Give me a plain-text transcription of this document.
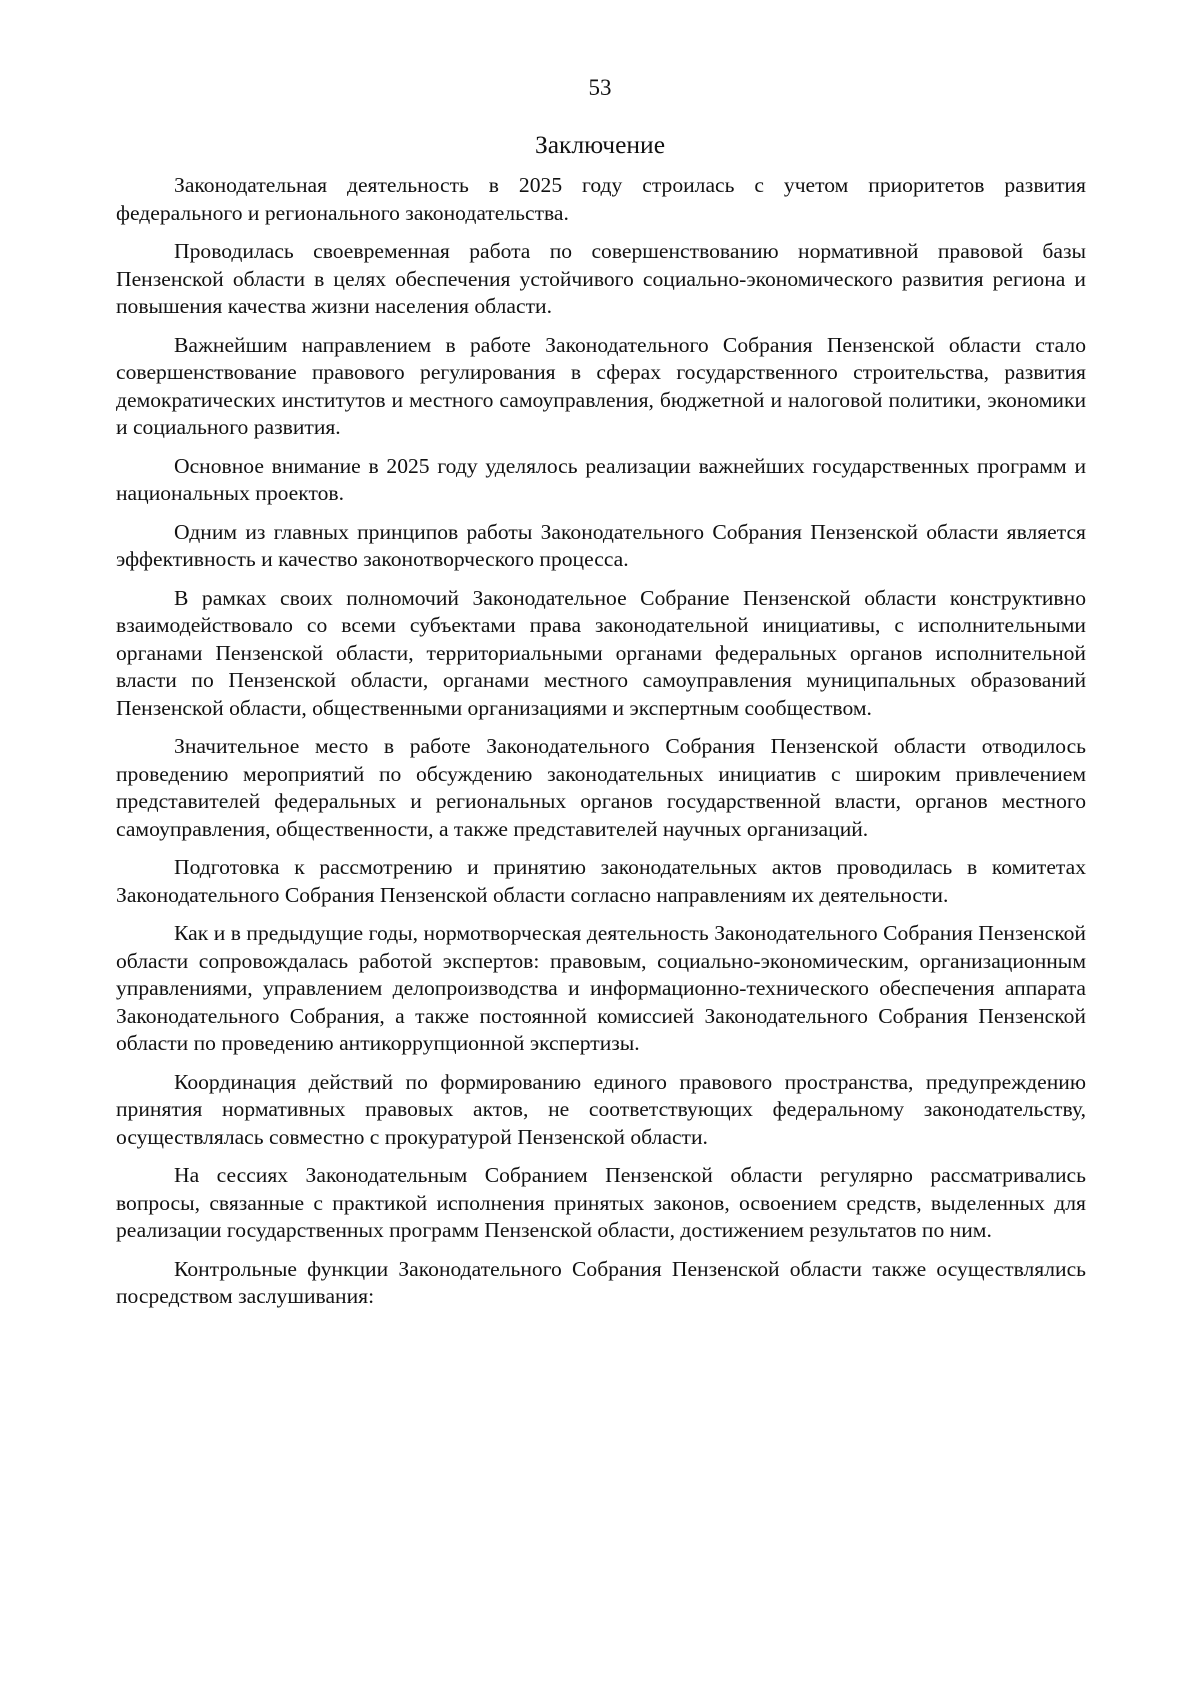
53
Заключение

Законодательная деятельность в 2025 году строилась с учетом приоритетов развития федерального и регионального законодательства.

Проводилась своевременная работа по совершенствованию нормативной правовой базы Пензенской области в целях обеспечения устойчивого социально-экономического развития региона и повышения качества жизни населения области.

Важнейшим направлением в работе Законодательного Собрания Пензенской области стало совершенствование правового регулирования в сферах государственного строительства, развития демократических институтов и местного самоуправления, бюджетной и налоговой политики, экономики и социального развития.

Основное внимание в 2025 году уделялось реализации важнейших государственных программ и национальных проектов.

Одним из главных принципов работы Законодательного Собрания Пензенской области является эффективность и качество законотворческого процесса.

В рамках своих полномочий Законодательное Собрание Пензенской области конструктивно взаимодействовало со всеми субъектами права законодательной инициативы, с исполнительными органами Пензенской области, территориальными органами федеральных органов исполнительной власти по Пензенской области, органами местного самоуправления муниципальных образований Пензенской области, общественными организациями и экспертным сообществом.

Значительное место в работе Законодательного Собрания Пензенской области отводилось проведению мероприятий по обсуждению законодательных инициатив с широким привлечением представителей федеральных и региональных органов государственной власти, органов местного самоуправления, общественности, а также представителей научных организаций.

Подготовка к рассмотрению и принятию законодательных актов проводилась в комитетах Законодательного Собрания Пензенской области согласно направлениям их деятельности.

Как и в предыдущие годы, нормотворческая деятельность Законодательного Собрания Пензенской области сопровождалась работой экспертов: правовым, социально-экономическим, организационным управлениями, управлением делопроизводства и информационно-технического обеспечения аппарата Законодательного Собрания, а также постоянной комиссией Законодательного Собрания Пензенской области по проведению антикоррупционной экспертизы.

Координация действий по формированию единого правового пространства, предупреждению принятия нормативных правовых актов, не соответствующих федеральному законодательству, осуществлялась совместно с прокуратурой Пензенской области.

На сессиях Законодательным Собранием Пензенской области регулярно рассматривались вопросы, связанные с практикой исполнения принятых законов, освоением средств, выделенных для реализации государственных программ Пензенской области, достижением результатов по ним.

Контрольные функции Законодательного Собрания Пензенской области также осуществлялись посредством заслушивания:
